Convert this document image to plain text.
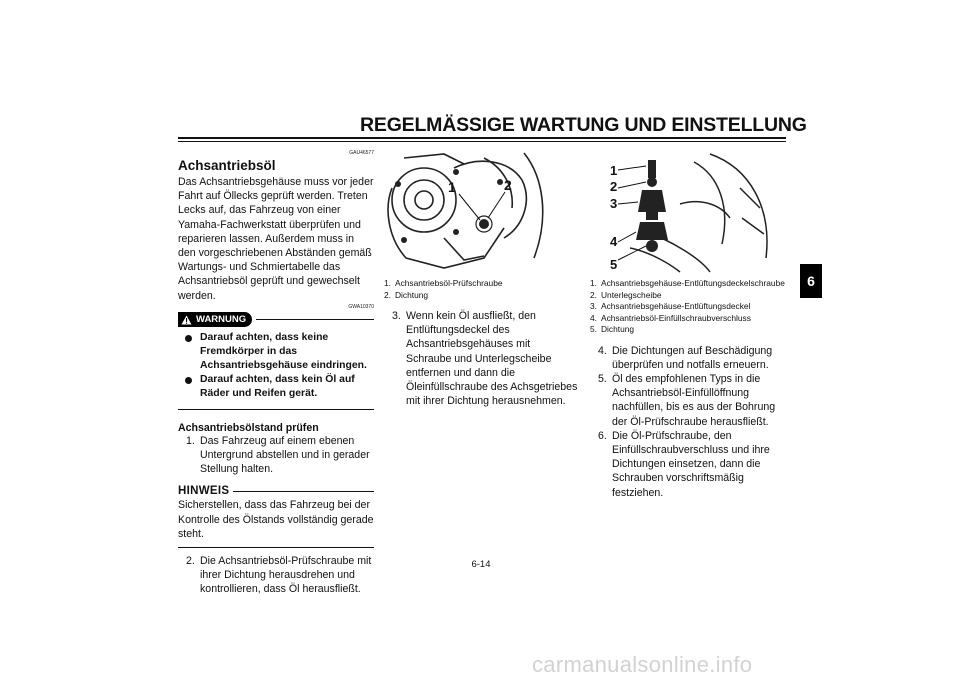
REGELMÄSSIGE WARTUNG UND EINSTELLUNG
6
GAU46577
Achsantriebsöl
Das Achsantriebsgehäuse muss vor jeder Fahrt auf Öllecks geprüft werden. Treten Lecks auf, das Fahrzeug von einer Yamaha-Fachwerkstatt überprüfen und reparieren lassen. Außerdem muss in den vorgeschriebenen Abständen gemäß Wartungs- und Schmiertabelle das Achsantriebsöl geprüft und gewechselt werden.
GWA10370
WARNUNG
Darauf achten, dass keine Fremdkörper in das Achsantriebsgehäuse eindringen.
Darauf achten, dass kein Öl auf Räder und Reifen gerät.
Achsantriebsölstand prüfen
1. Das Fahrzeug auf einem ebenen Untergrund abstellen und in gerader Stellung halten.
HINWEIS
Sicherstellen, dass das Fahrzeug bei der Kontrolle des Ölstands vollständig gerade steht.
2. Die Achsantriebsöl-Prüfschraube mit ihrer Dichtung herausdrehen und kontrollieren, dass Öl herausfließt.
1	2
1. Achsantriebsöl-Prüfschraube
2. Dichtung
3. Wenn kein Öl ausfließt, den Entlüftungsdeckel des Achsantriebsgehäuses mit Schraube und Unterlegscheibe entfernen und dann die Öleinfüllschraube des Achsgetriebes mit ihrer Dichtung herausnehmen.
1
2
3
4
5
1. Achsantriebsgehäuse-Entlüftungsdeckelschraube
2. Unterlegscheibe
3. Achsantriebsgehäuse-Entlüftungsdeckel
4. Achsantriebsöl-Einfüllschraubverschluss
5. Dichtung
4. Die Dichtungen auf Beschädigung überprüfen und notfalls erneuern.
5. Öl des empfohlenen Typs in die Achsantriebsöl-Einfüllöffnung nachfüllen, bis es aus der Bohrung der Öl-Prüfschraube herausfließt.
6. Die Öl-Prüfschraube, den Einfüllschraubverschluss und ihre Dichtungen einsetzen, dann die Schrauben vorschriftsmäßig festziehen.
6-14
carmanualsonline.info
